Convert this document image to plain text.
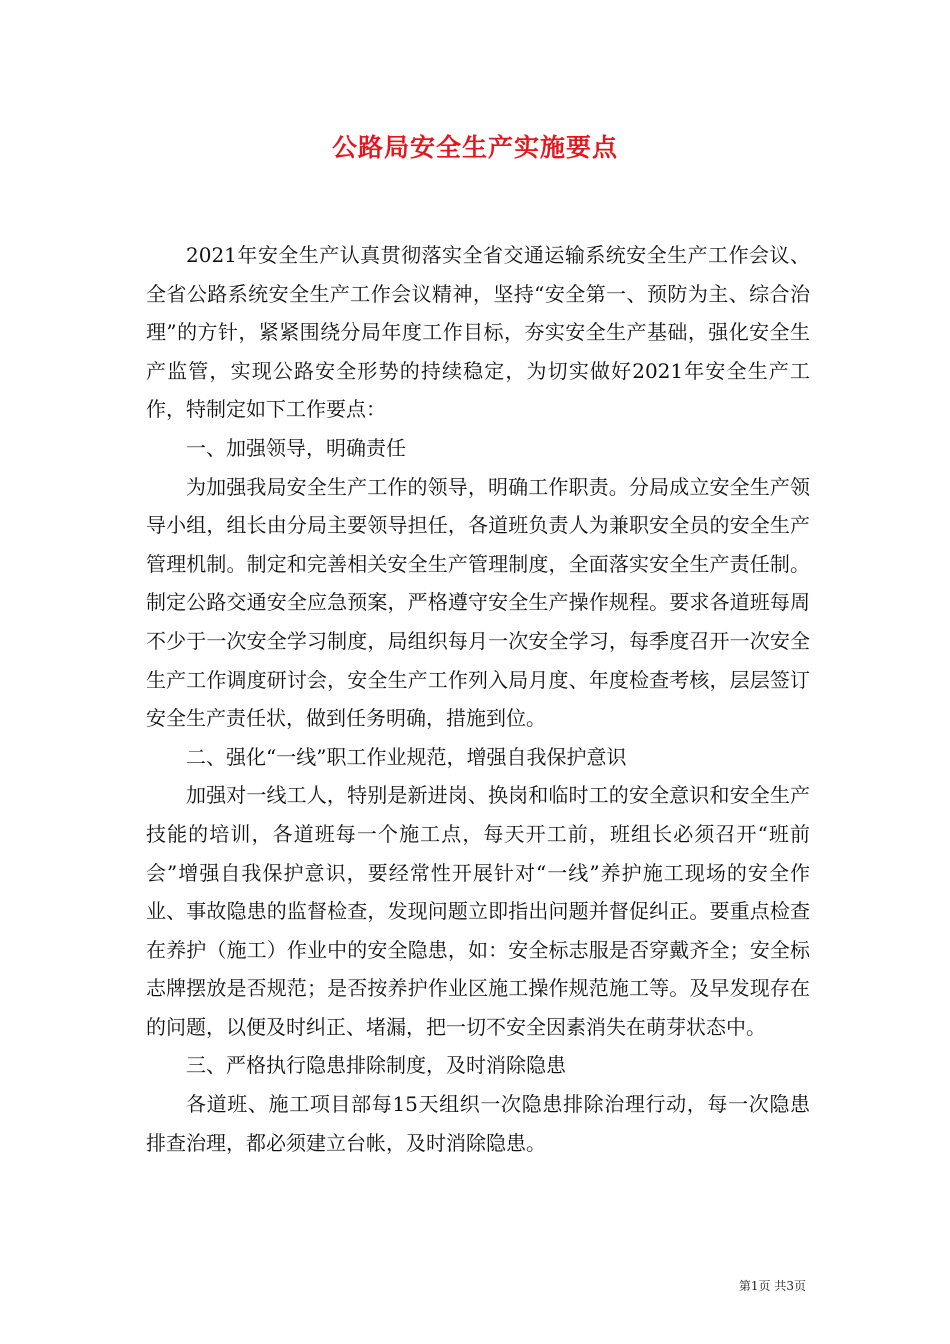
公路局安全生产实施要点

2021年安全生产认真贯彻落实全省交通运输系统安全生产工作会议、全省公路系统安全生产工作会议精神，坚持“安全第一、预防为主、综合治理”的方针，紧紧围绕分局年度工作目标，夯实安全生产基础，强化安全生产监管，实现公路安全形势的持续稳定，为切实做好2021年安全生产工作，特制定如下工作要点：

一、加强领导，明确责任

为加强我局安全生产工作的领导，明确工作职责。分局成立安全生产领导小组，组长由分局主要领导担任，各道班负责人为兼职安全员的安全生产管理机制。制定和完善相关安全生产管理制度，全面落实安全生产责任制。制定公路交通安全应急预案，严格遵守安全生产操作规程。要求各道班每周不少于一次安全学习制度，局组织每月一次安全学习，每季度召开一次安全生产工作调度研讨会，安全生产工作列入局月度、年度检查考核，层层签订安全生产责任状，做到任务明确，措施到位。

二、强化“一线”职工作业规范，增强自我保护意识

加强对一线工人，特别是新进岗、换岗和临时工的安全意识和安全生产技能的培训，各道班每一个施工点，每天开工前，班组长必须召开“班前会”增强自我保护意识，要经常性开展针对“一线”养护施工现场的安全作业、事故隐患的监督检查，发现问题立即指出问题并督促纠正。要重点检查在养护（施工）作业中的安全隐患，如：安全标志服是否穿戴齐全；安全标志牌摆放是否规范；是否按养护作业区施工操作规范施工等。及早发现存在的问题，以便及时纠正、堵漏，把一切不安全因素消失在萌芽状态中。

三、严格执行隐患排除制度，及时消除隐患

各道班、施工项目部每15天组织一次隐患排除治理行动，每一次隐患排查治理，都必须建立台帐，及时消除隐患。

第1页 共3页
